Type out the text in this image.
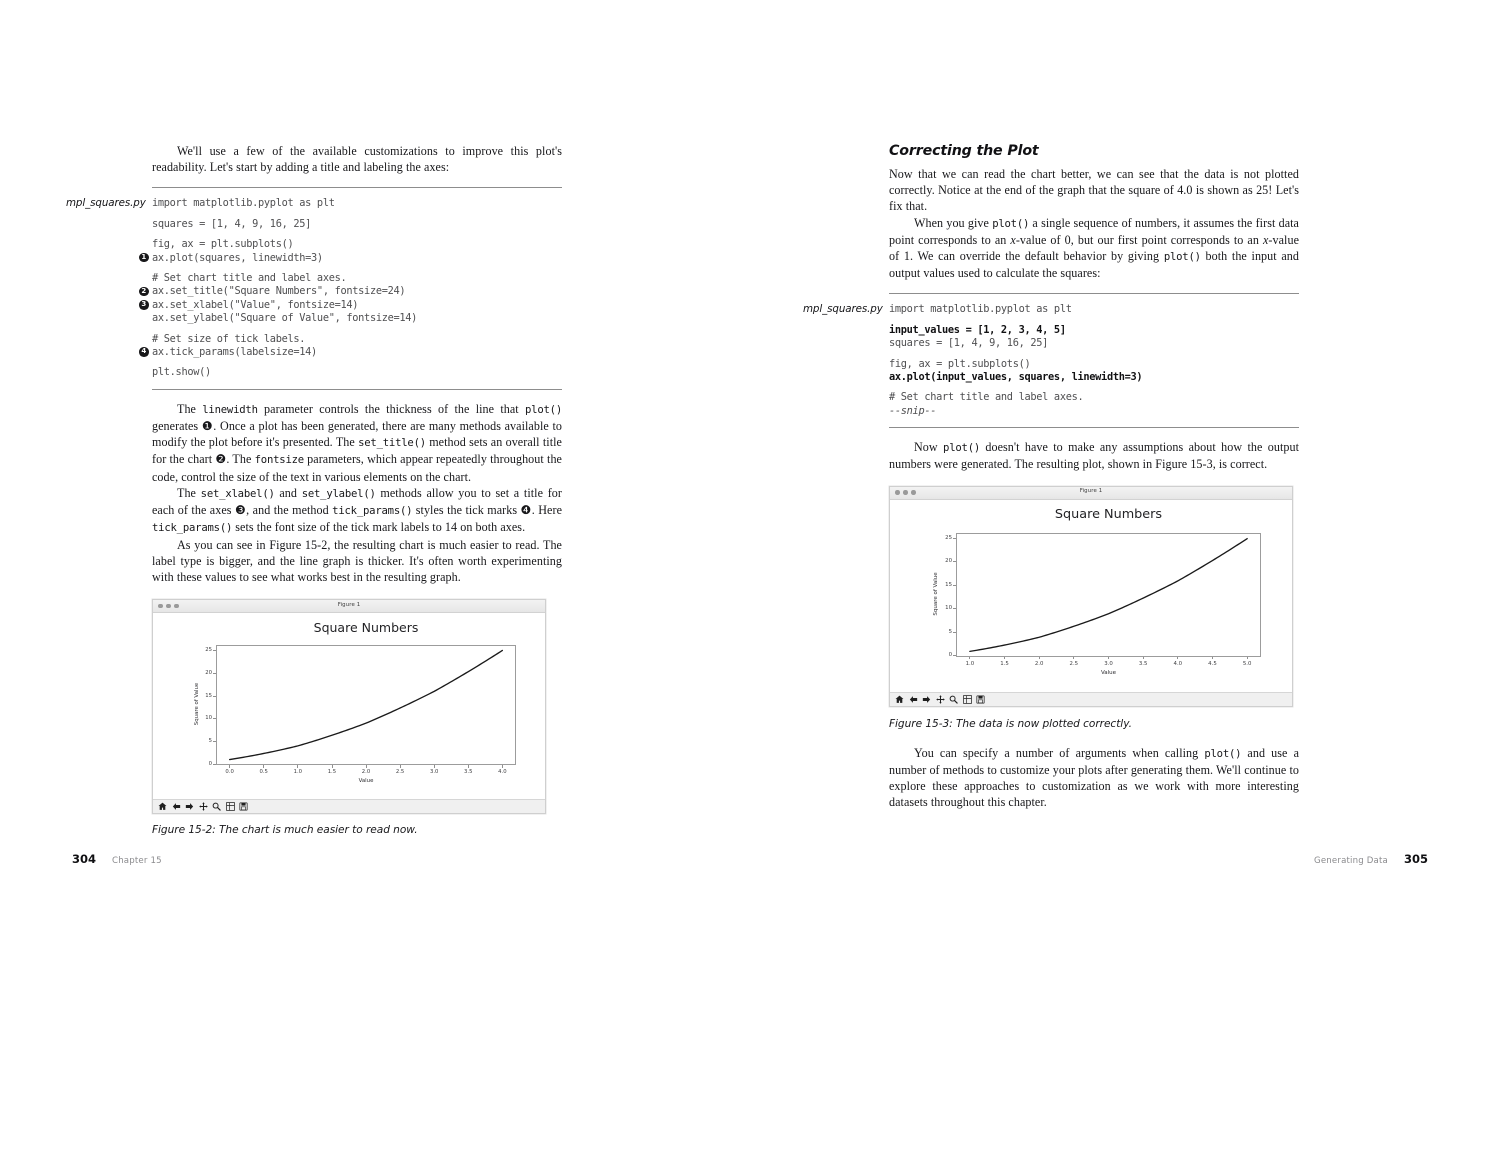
We'll use a few of the available customizations to improve this plot's readability. Let's start by adding a title and labeling the axes:

mpl_squares.py import matplotlib.pyplot as plt
squares = [1, 4, 9, 16, 25]
fig, ax = plt.subplots()
1 ax.plot(squares, linewidth=3)
# Set chart title and label axes.
2 ax.set_title("Square Numbers", fontsize=24)
3 ax.set_xlabel("Value", fontsize=14)
ax.set_ylabel("Square of Value", fontsize=14)
# Set size of tick labels.
4 ax.tick_params(labelsize=14)
plt.show()

The linewidth parameter controls the thickness of the line that plot() generates ❶. Once a plot has been generated, there are many methods available to modify the plot before it's presented. The set_title() method sets an overall title for the chart ❷. The fontsize parameters, which appear repeatedly throughout the code, control the size of the text in various elements on the chart.

The set_xlabel() and set_ylabel() methods allow you to set a title for each of the axes ❸, and the method tick_params() styles the tick marks ❹. Here tick_params() sets the font size of the tick mark labels to 14 on both axes.

As you can see in Figure 15-2, the resulting chart is much easier to read. The label type is bigger, and the line graph is thicker. It's often worth experimenting with these values to see what works best in the resulting graph.

Figure 1
Square Numbers
0
5
10
15
20
25
0.0	0.5	1.0	1.5	2.0	2.5	3.0	3.5	4.0
Value
Square of Value
Figure 15-2: The chart is much easier to read now.
304 Chapter 15
Correcting the Plot

Now that we can read the chart better, we can see that the data is not plotted correctly. Notice at the end of the graph that the square of 4.0 is shown as 25! Let's fix that.

When you give plot() a single sequence of numbers, it assumes the first data point corresponds to an x-value of 0, but our first point corresponds to an x-value of 1. We can override the default behavior by giving plot() both the input and output values used to calculate the squares:

mpl_squares.py import matplotlib.pyplot as plt
input_values = [1, 2, 3, 4, 5]
squares = [1, 4, 9, 16, 25]
fig, ax = plt.subplots()
ax.plot(input_values, squares, linewidth=3)
# Set chart title and label axes.
--snip--

Now plot() doesn't have to make any assumptions about how the output numbers were generated. The resulting plot, shown in Figure 15-3, is correct.

Figure 1
Square Numbers
0
5
10
15
20
25
1.0	1.5	2.0	2.5	3.0	3.5	4.0	4.5	5.0
Value
Square of Value
Figure 15-3: The data is now plotted correctly.

You can specify a number of arguments when calling plot() and use a number of methods to customize your plots after generating them. We'll continue to explore these approaches to customization as we work with more interesting datasets throughout this chapter.

Generating Data 305
